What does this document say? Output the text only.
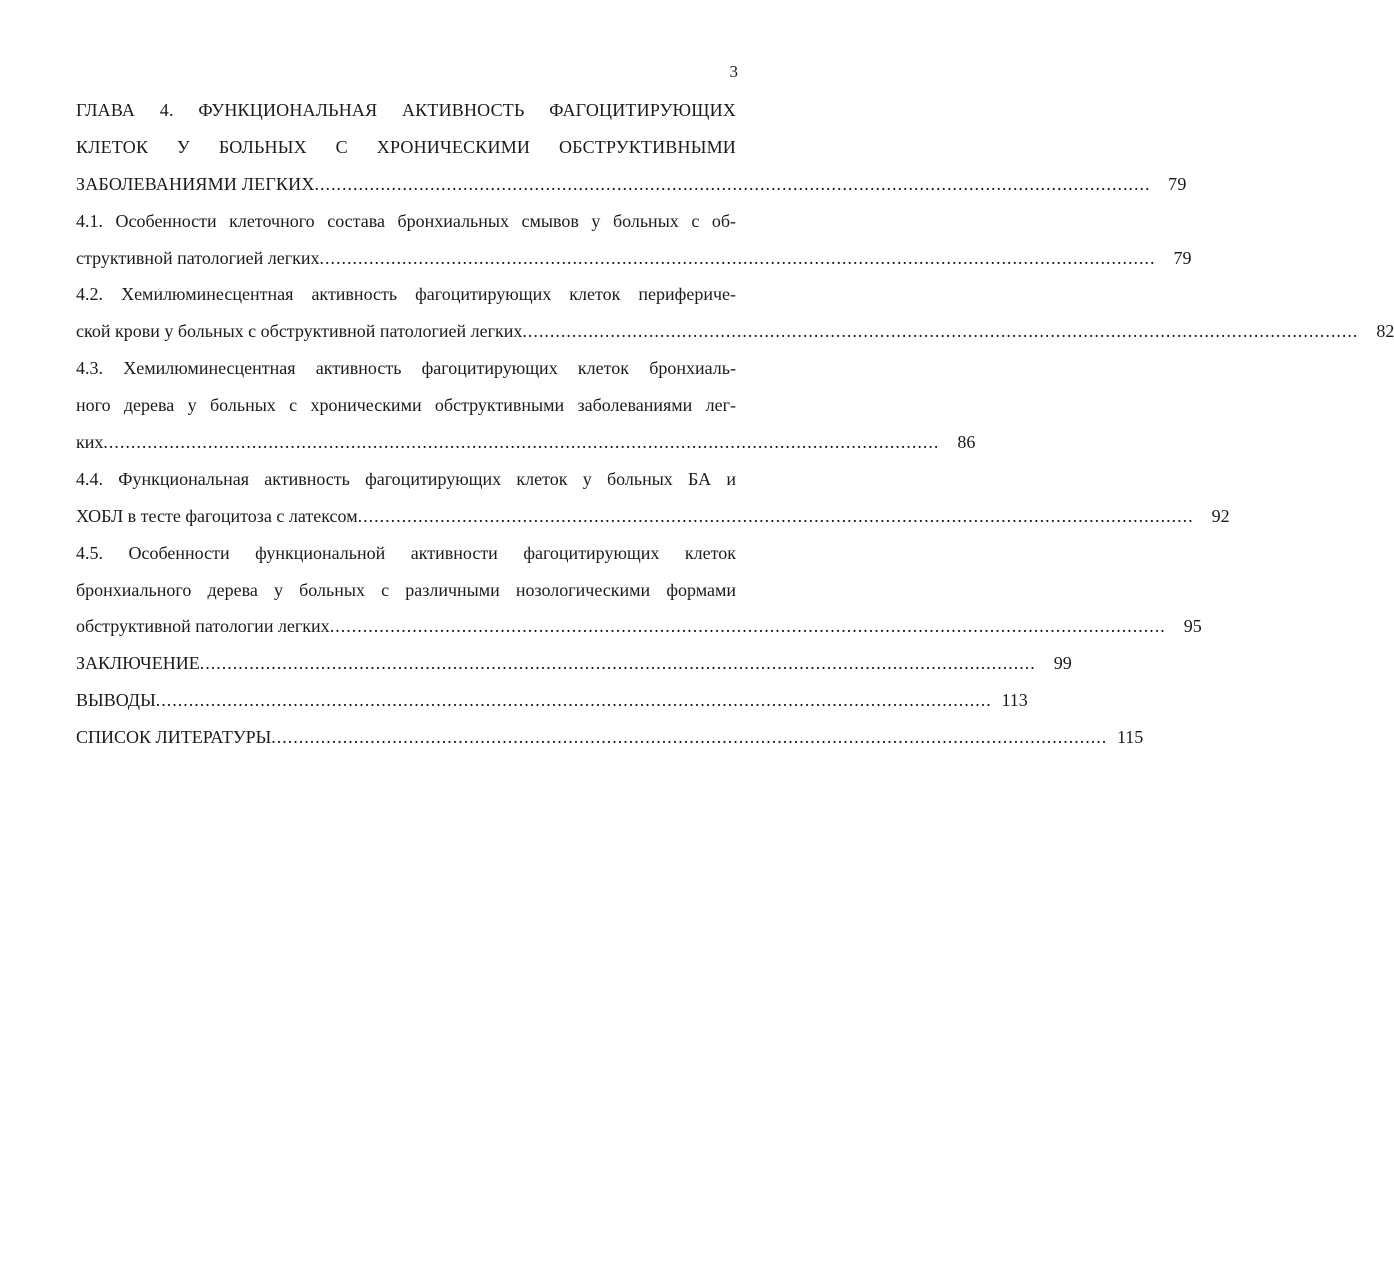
3
ГЛАВА 4. ФУНКЦИОНАЛЬНАЯ АКТИВНОСТЬ ФАГОЦИТИРУЮЩИХ
КЛЕТОК У БОЛЬНЫХ С ХРОНИЧЕСКИМИ ОБСТРУКТИВНЫМИ
ЗАБОЛЕВАНИЯМИ ЛЕГКИХ ........................................................................................................................................................ 79
4.1. Особенности клеточного состава бронхиальных смывов у больных с об-
структивной патологией легких ........................................................................................................................................................	79
4.2. Хемилюминесцентная активность фагоцитирующих клеток периферичe-
ской крови у больных с обструктивной патологией легких ........................................................................................................................................................	82
4.3. Хемилюминесцентная активность фагоцитирующих клеток бронхиаль-
ного дерева у больных с хроническими обструктивными заболеваниями лег-
ких ........................................................................................................................................................	86
4.4. Функциональная активность фагоцитирующих клеток у больных БА и
ХОБЛ в тесте фагоцитоза с латексом ........................................................................................................................................................	92
4.5. Особенности функциональной активности фагоцитирующих клеток
бронхиального дерева у больных с различными нозологическими формами
обструктивной патологии легких ........................................................................................................................................................	95
ЗАКЛЮЧЕНИЕ ........................................................................................................................................................	99
ВЫВОДЫ ........................................................................................................................................................ 113
СПИСОК ЛИТЕРАТУРЫ ........................................................................................................................................................ 115
